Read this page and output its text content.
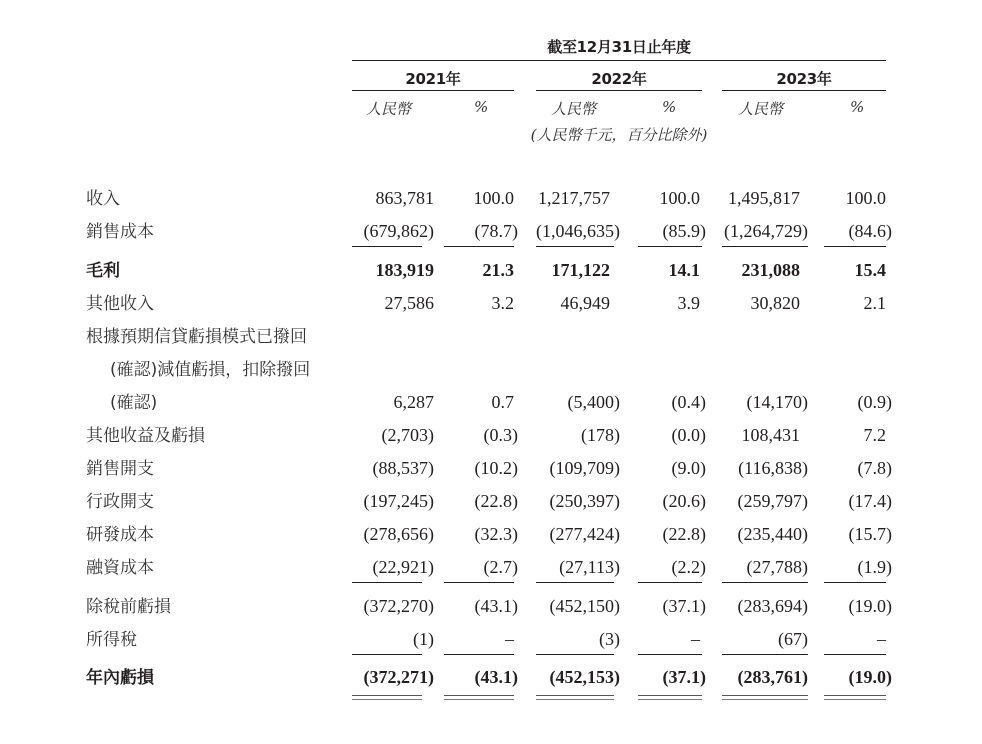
截至12月31日止年度
2021年	2022年	2023年
人民幣	%	人民幣	%	人民幣	%
(人民幣千元，百分比除外)
收入	863,781 100.0 1,217,757	100.0 1,495,817	100.0
銷售成本	(679,862) (78.7) (1,046,635) (85.9) (1,264,729) (84.6)
毛利	183,919	21.3 171,122	14.1 231,088	15.4
其他收入	27,586	3.2	46,949	3.9	30,820	2.1
根據預期信貸虧損模式已撥回
(確認)減值虧損，扣除撥回
(確認)	6,287	0.7	(5,400)	(0.4) (14,170)	(0.9)
其他收益及虧損	(2,703)	(0.3)	(178)	(0.0) 108,431	7.2
銷售開支	(88,537) (10.2) (109,709)	(9.0) (116,838)	(7.8)
行政開支	(197,245) (22.8) (250,397) (20.6) (259,797) (17.4)
研發成本	(278,656) (32.3) (277,424) (22.8) (235,440) (15.7)
融資成本	(22,921)	(2.7) (27,113)	(2.2) (27,788)	(1.9)
除稅前虧損	(372,270) (43.1) (452,150) (37.1) (283,694) (19.0)
所得稅	(1)	–	(3)	–	(67)	–
年內虧損	(372,271) (43.1) (452,153) (37.1) (283,761) (19.0)
